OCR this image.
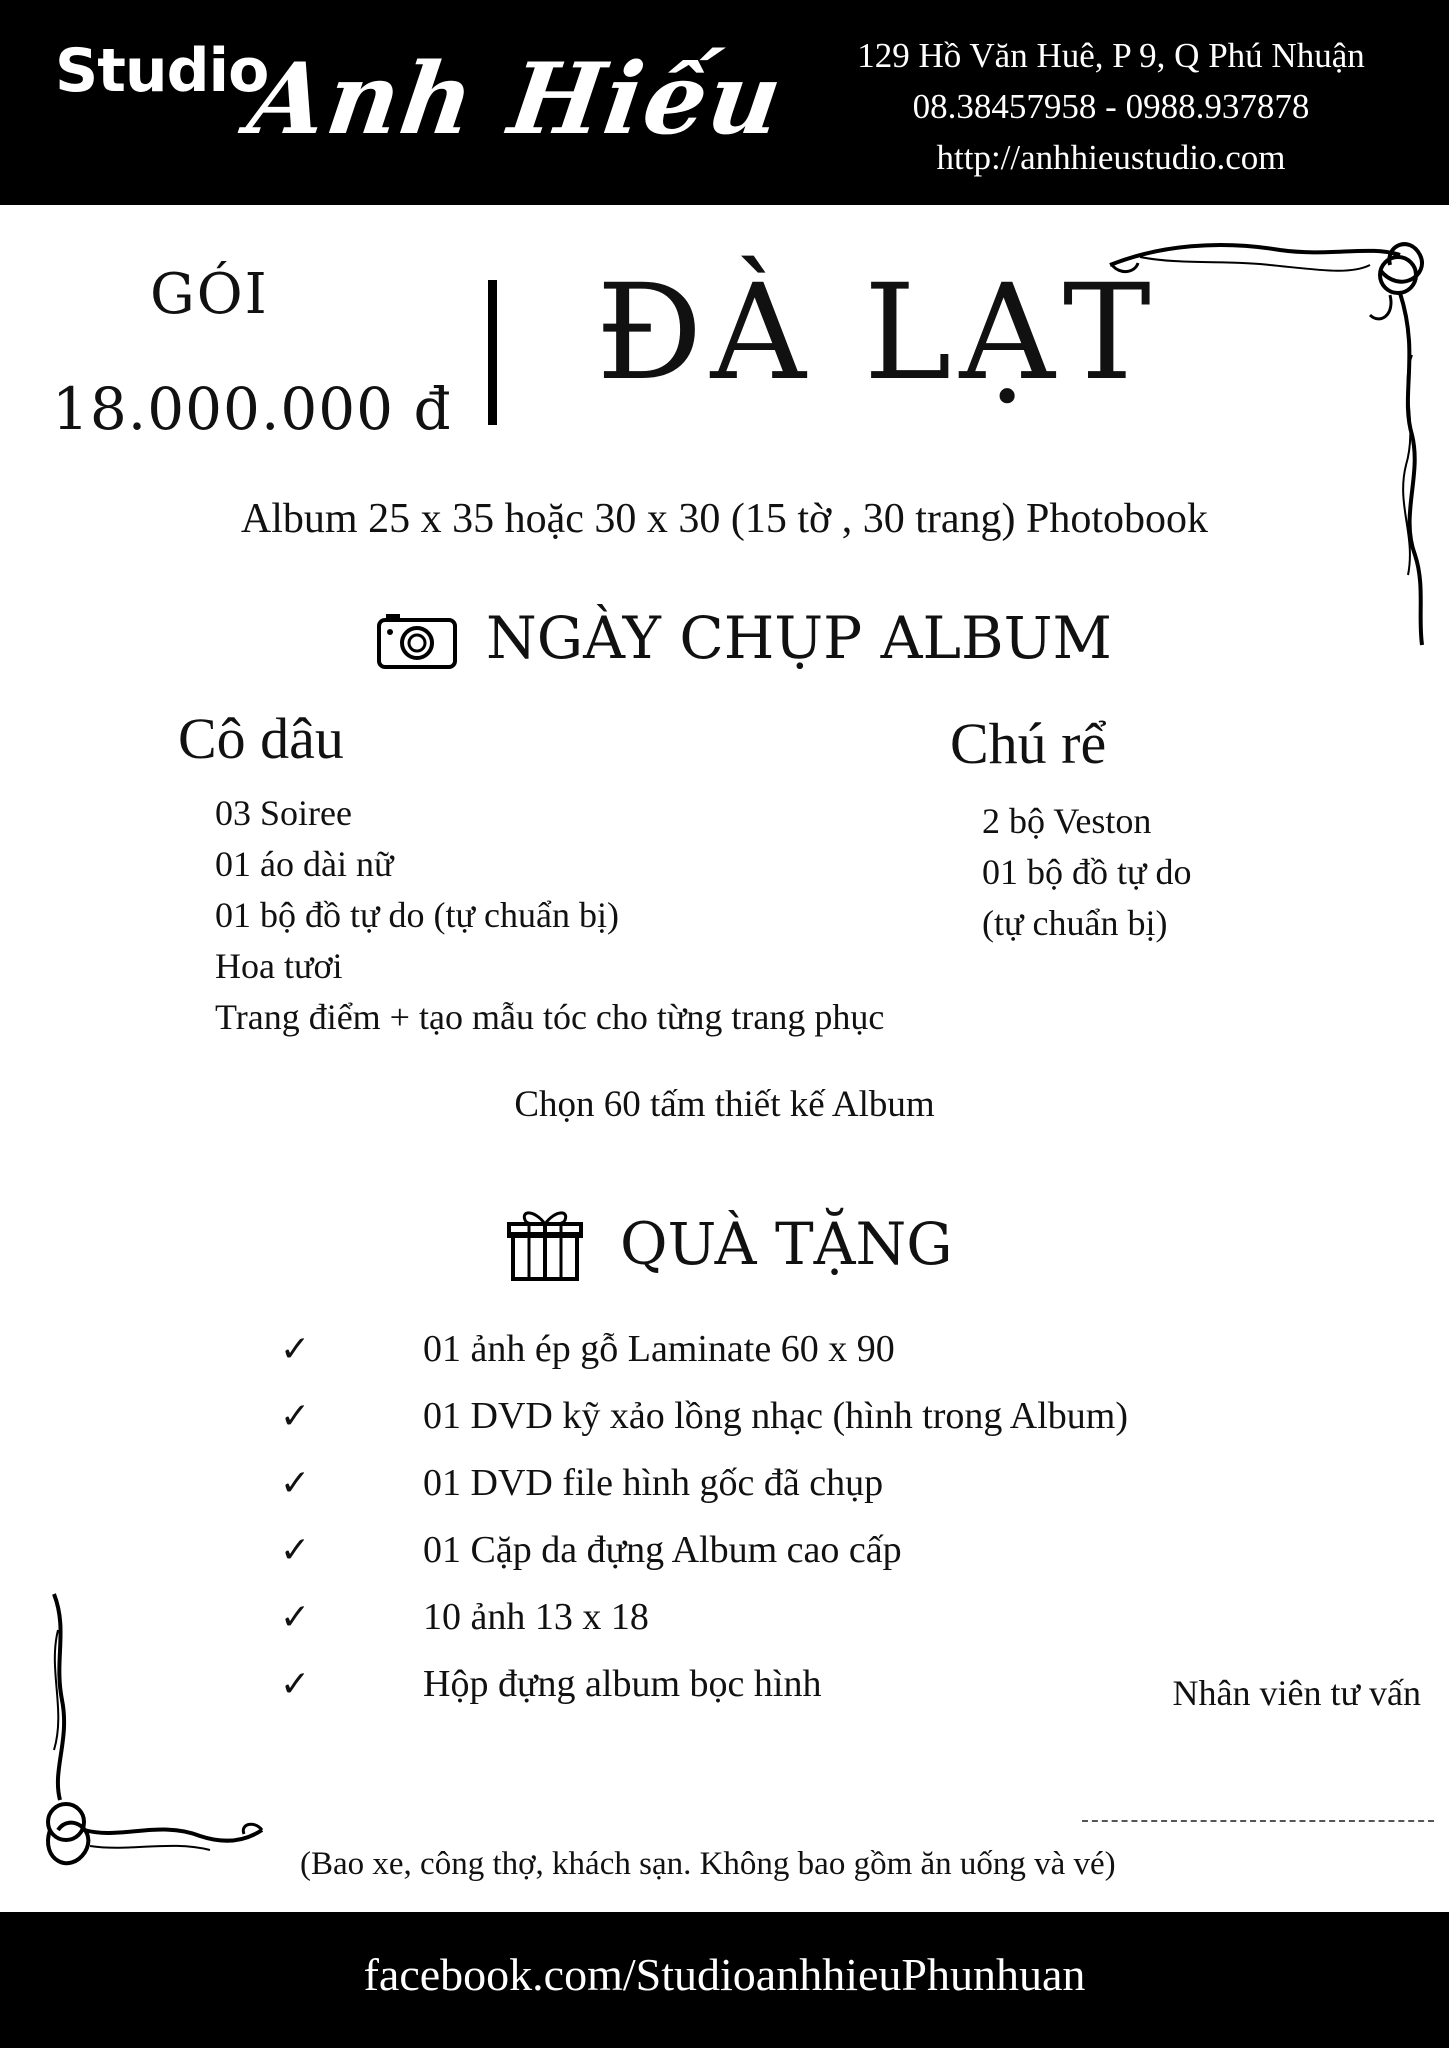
Studio
Anh Hiếu	129 Hồ Văn Huê, P 9, Q Phú Nhuận
08.38457958 - 0988.937878
http://anhhieustudio.com
GÓI
18.000.000 đ ĐÀ LẠT
Album 25 x 35 hoặc 30 x 30 (15 tờ , 30 trang) Photobook
NGÀY CHỤP ALBUM
Cô dâu
03 Soiree
01 áo dài nữ
01 bộ đồ tự do (tự chuẩn bị)
Hoa tươi
Trang điểm + tạo mẫu tóc cho từng trang phục
Chú rể
2 bộ Veston
01 bộ đồ tự do
(tự chuẩn bị)
Chọn 60 tấm thiết kế Album
QUÀ TẶNG
✓	01 ảnh ép gỗ Laminate 60 x 90
✓	01 DVD kỹ xảo lồng nhạc (hình trong Album)
✓	01 DVD file hình gốc đã chụp
✓	01 Cặp da đựng Album cao cấp
✓	10 ảnh 13 x 18
✓	Hộp đựng album bọc hình	Nhân viên tư vấn
(Bao xe, công thợ, khách sạn. Không bao gồm ăn uống và vé)
facebook.com/StudioanhhieuPhunhuan
